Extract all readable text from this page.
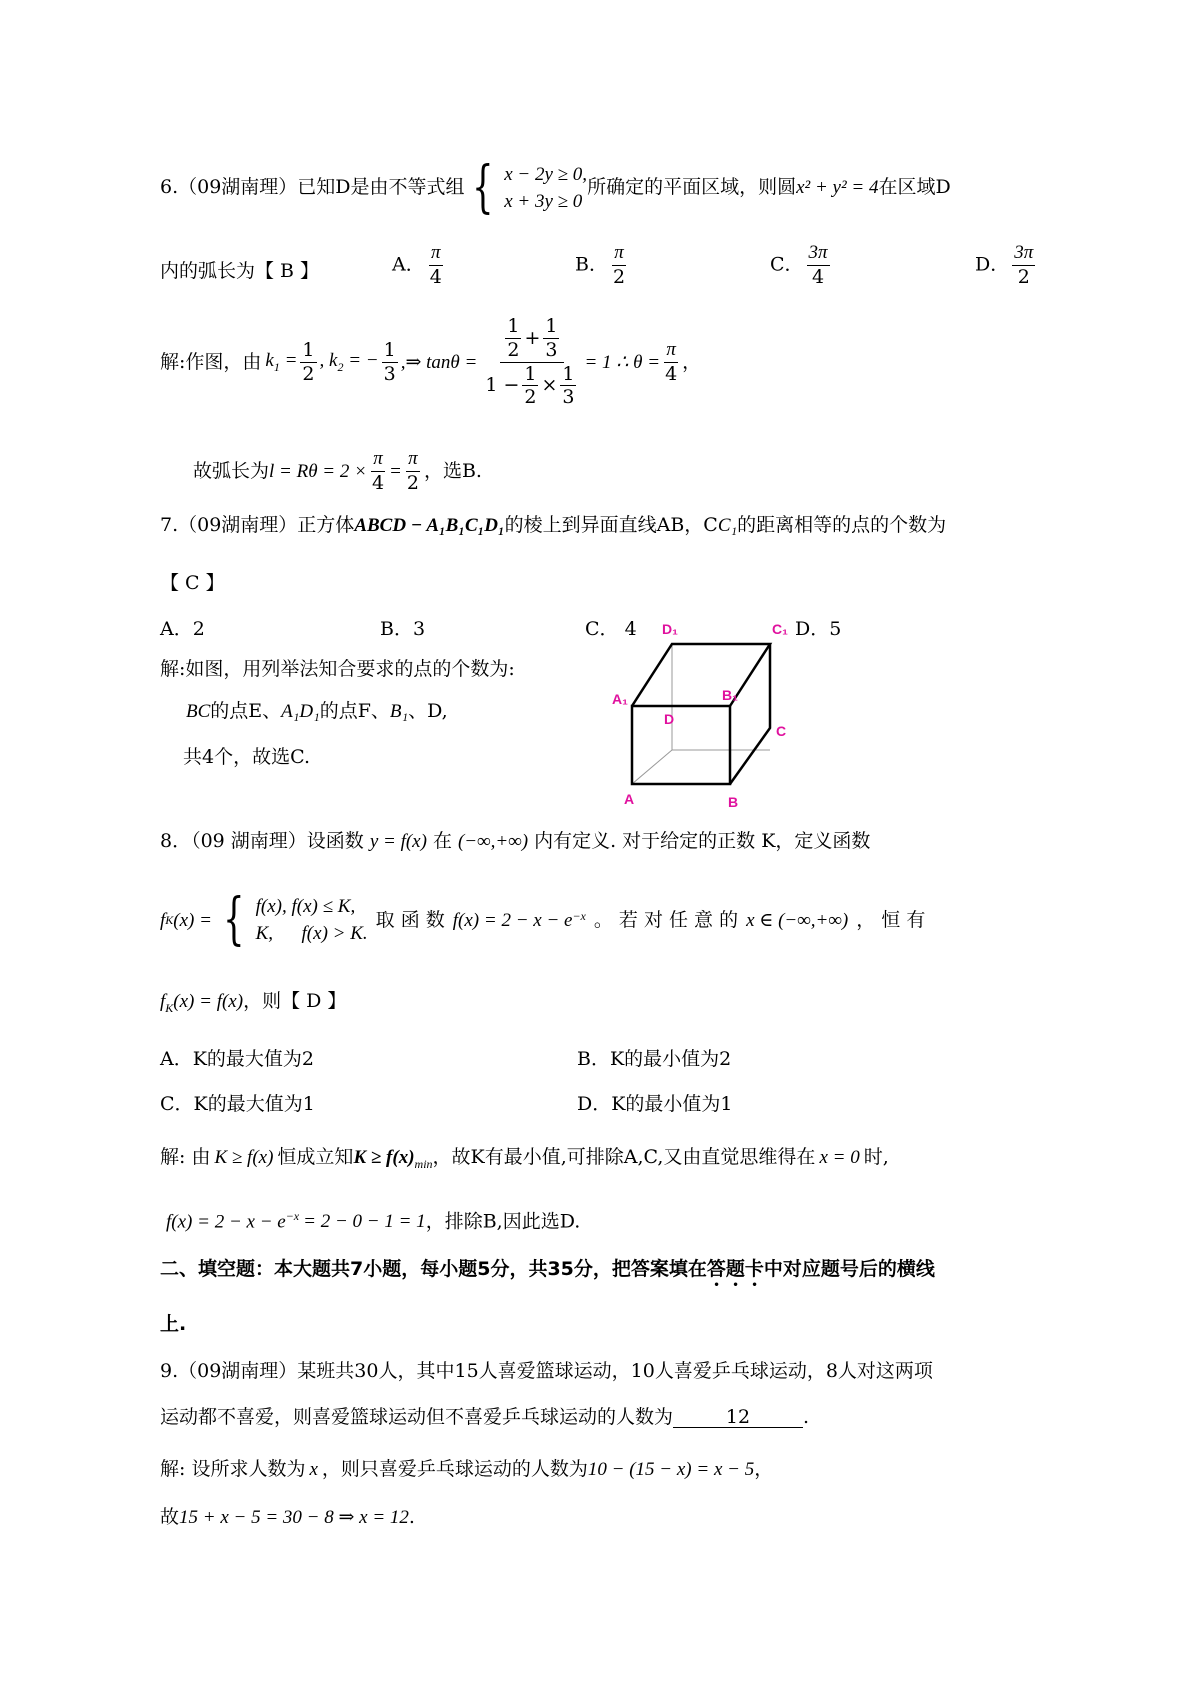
6.（09湖南理）已知D是由不等式组 { x − 2y ≥ 0,
x + 3y ≥ 0
所确定的平面区域，则圆x² + y² = 4在区域D
内的弧长为【 B 】	A． $\frac{\pi}{4}$	B． $\frac{\pi}{2}$	C． $\frac{3\pi}{4}$	D． $\frac{3\pi}{2}$
解:作图，由 $k_1 = \frac{1}{2}$ , $k_2$ = − $\frac{1}{3}$ , ⇒ $\tan\theta = \frac{\frac{1}{2} + \frac{1}{3}}{1 - \frac{1}{2} \times \frac{1}{3}} = 1$ ∴ $\theta = \frac{\pi}{4}$ ，
故弧长为 $l = R\theta = 2 \times \frac{\pi}{4} = \frac{\pi}{2}$ ，选B.
7.（09湖南理）正方体ABCD − A₁B₁C₁D₁的棱上到异面直线AB，CC₁的距离相等的点的个数为
【 C 】
A．2	B．3	C． 4	D．5
解:如图，用列举法知合要求的点的个数为:
BC的点E、A₁D₁的点F、B₁、D,
共4个，故选C.
D₁	C₁
A₁	B₁
D
C
A	B
8．（09 湖南理）设函数 y = f(x) 在 (−∞,+∞) 内有定义. 对于给定的正数 K，定义函数
f K (x) = { f(x), f(x) ≤ K,
K,      f(x) > K.
取 函 数 $f(x) = 2 - x - e^{-x}$ 。 若 对 任 意 的 x ∈ (−∞,+∞) ， 恒 有
$f_K(x) = f(x)$，则【 D 】
A．K的最大值为2	B．K的最小值为2
C．K的最大值为1	D．K的最小值为1
解: 由 K ≥ f(x) 恒成立知$K \ge f(x)_{min}$，故K有最小值,可排除A,C,又由直觉思维得在 x = 0 时,
$f(x) = 2 - x - e^{-x} = 2 - 0 - 1 = 1$，排除B,因此选D.
二、填空题：本大题共7小题，每小题5分，共35分，把答案填在答题卡中对应题号后的横线
上.
9.（09湖南理）某班共30人，其中15人喜爱篮球运动，10人喜爱乒乓球运动，8人对这两项
运动都不喜爱，则喜爱篮球运动但不喜爱乒乓球运动的人数为	12	.
解: 设所求人数为 x ，则只喜爱乒乓球运动的人数为10 − (15 − x) = x − 5，
故15 + x − 5 = 30 − 8 ⇒ x = 12.
